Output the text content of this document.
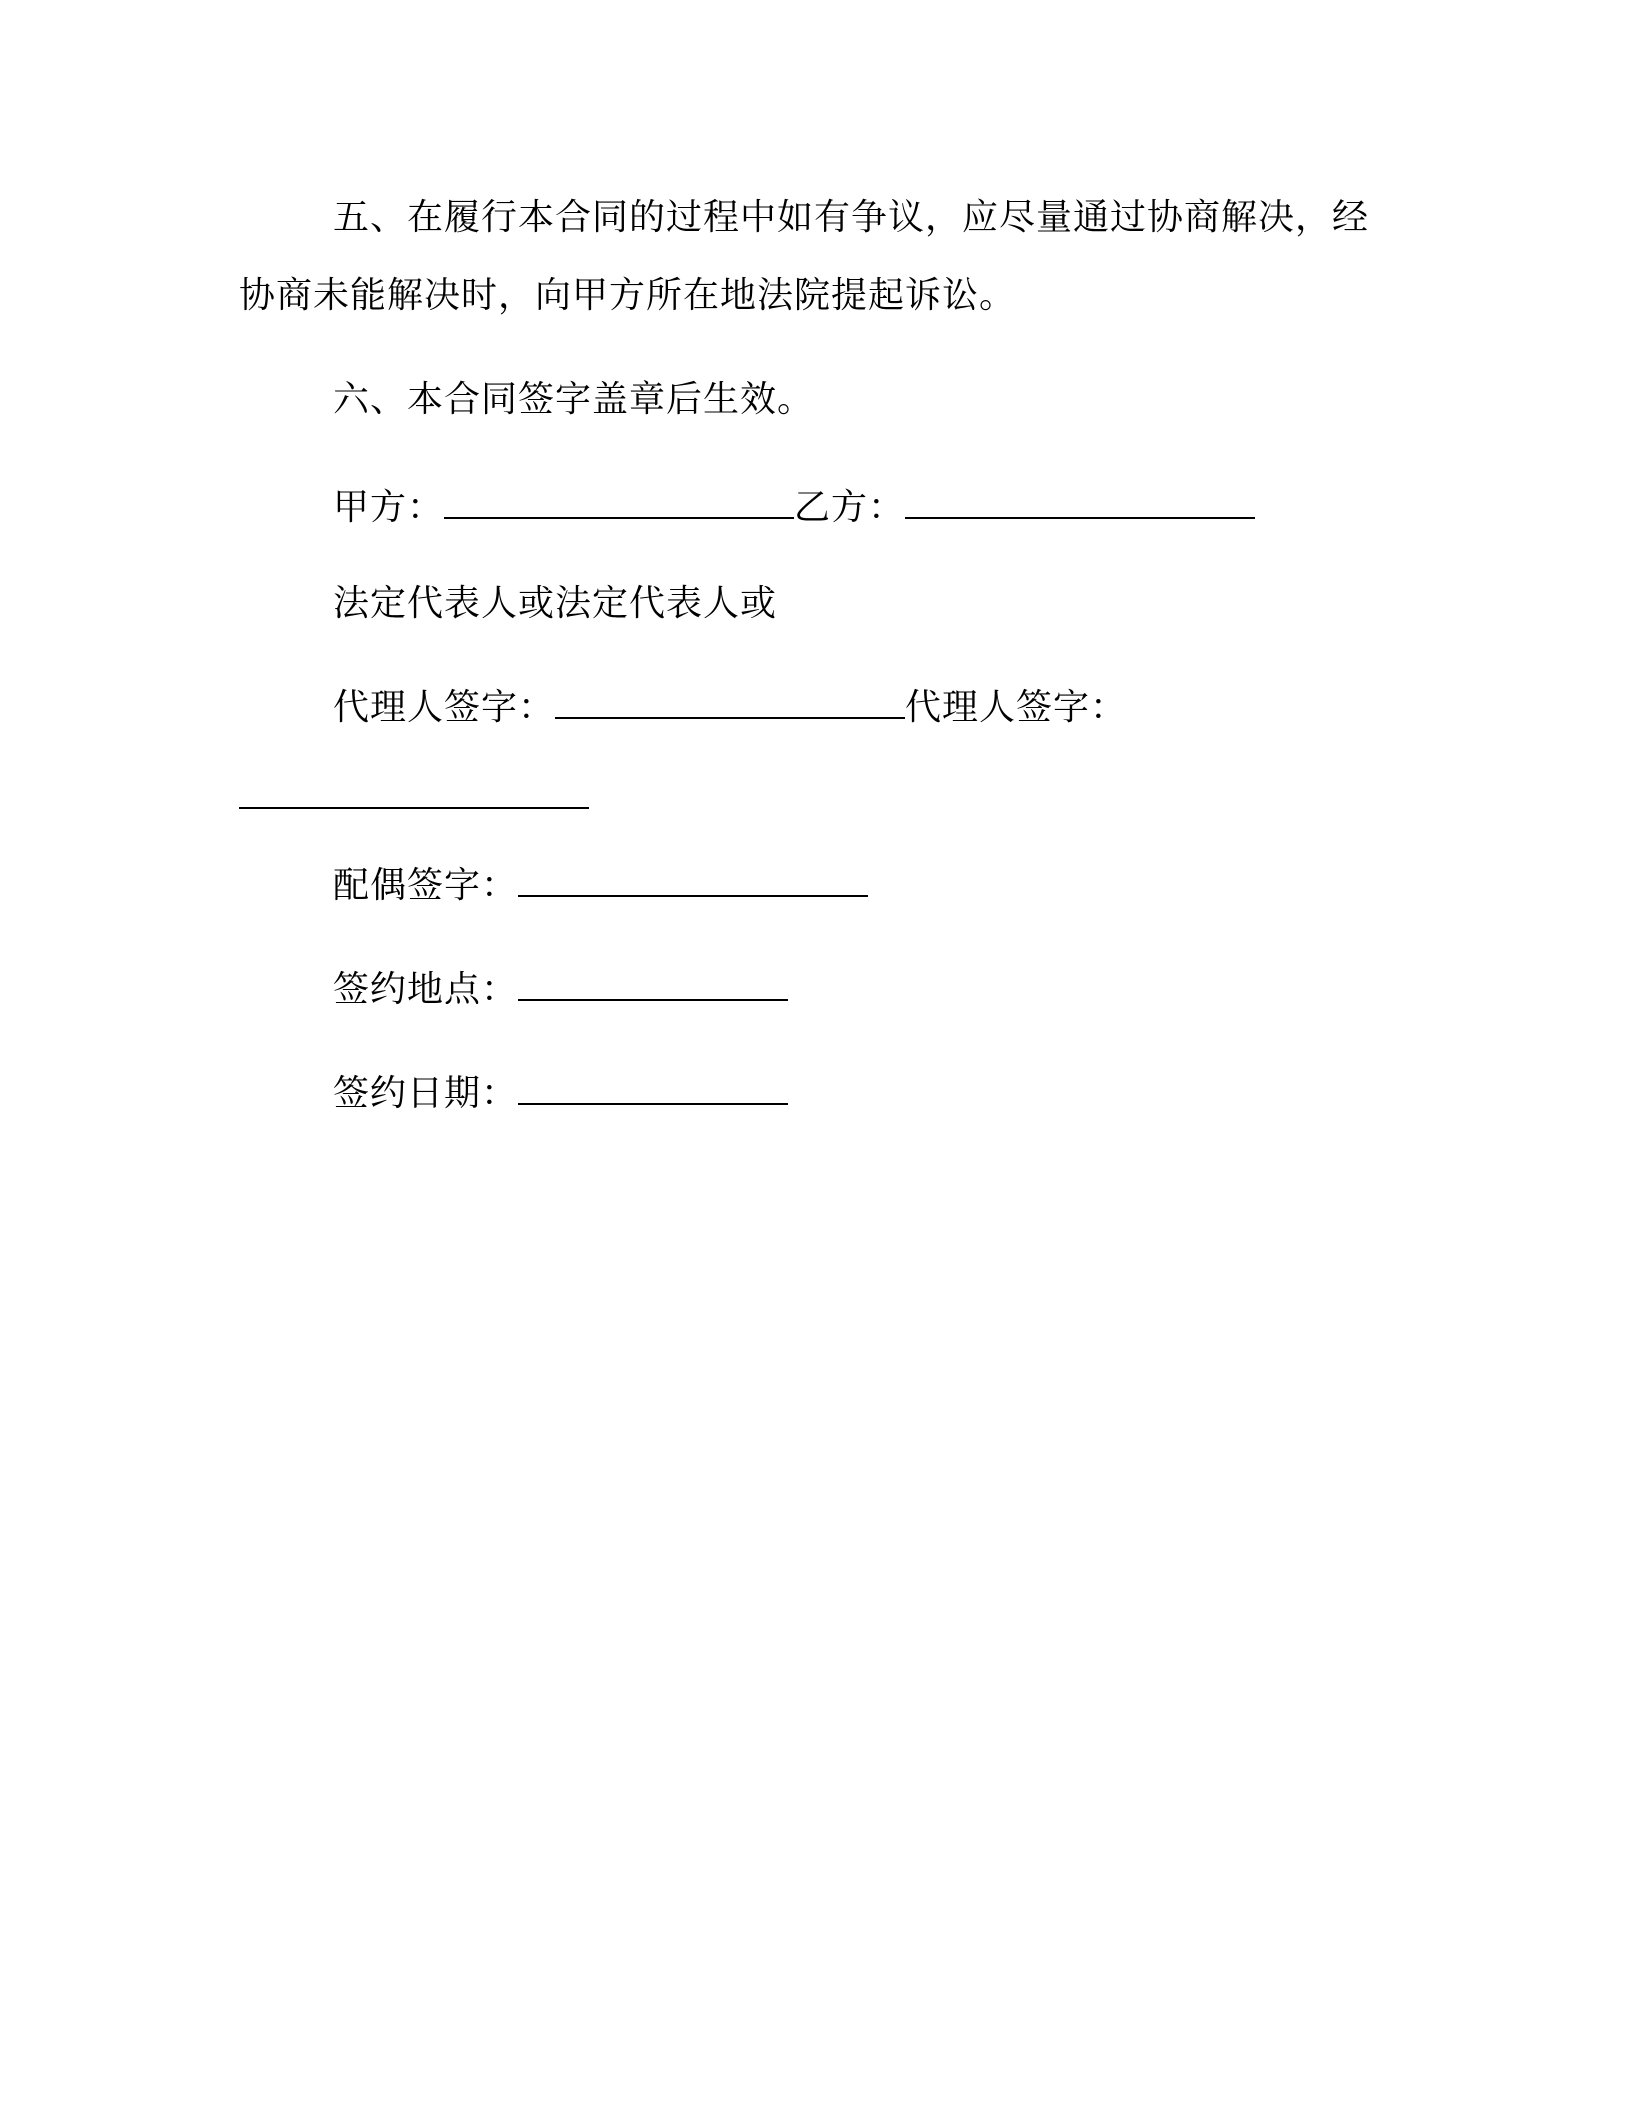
五、在履行本合同的过程中如有争议，应尽量通过协商解决，经
协商未能解决时，向甲方所在地法院提起诉讼。
六、本合同签字盖章后生效。
甲方：	乙方：
法定代表人或法定代表人或
代理人签字：	代理人签字：
配偶签字：
签约地点：
签约日期：
